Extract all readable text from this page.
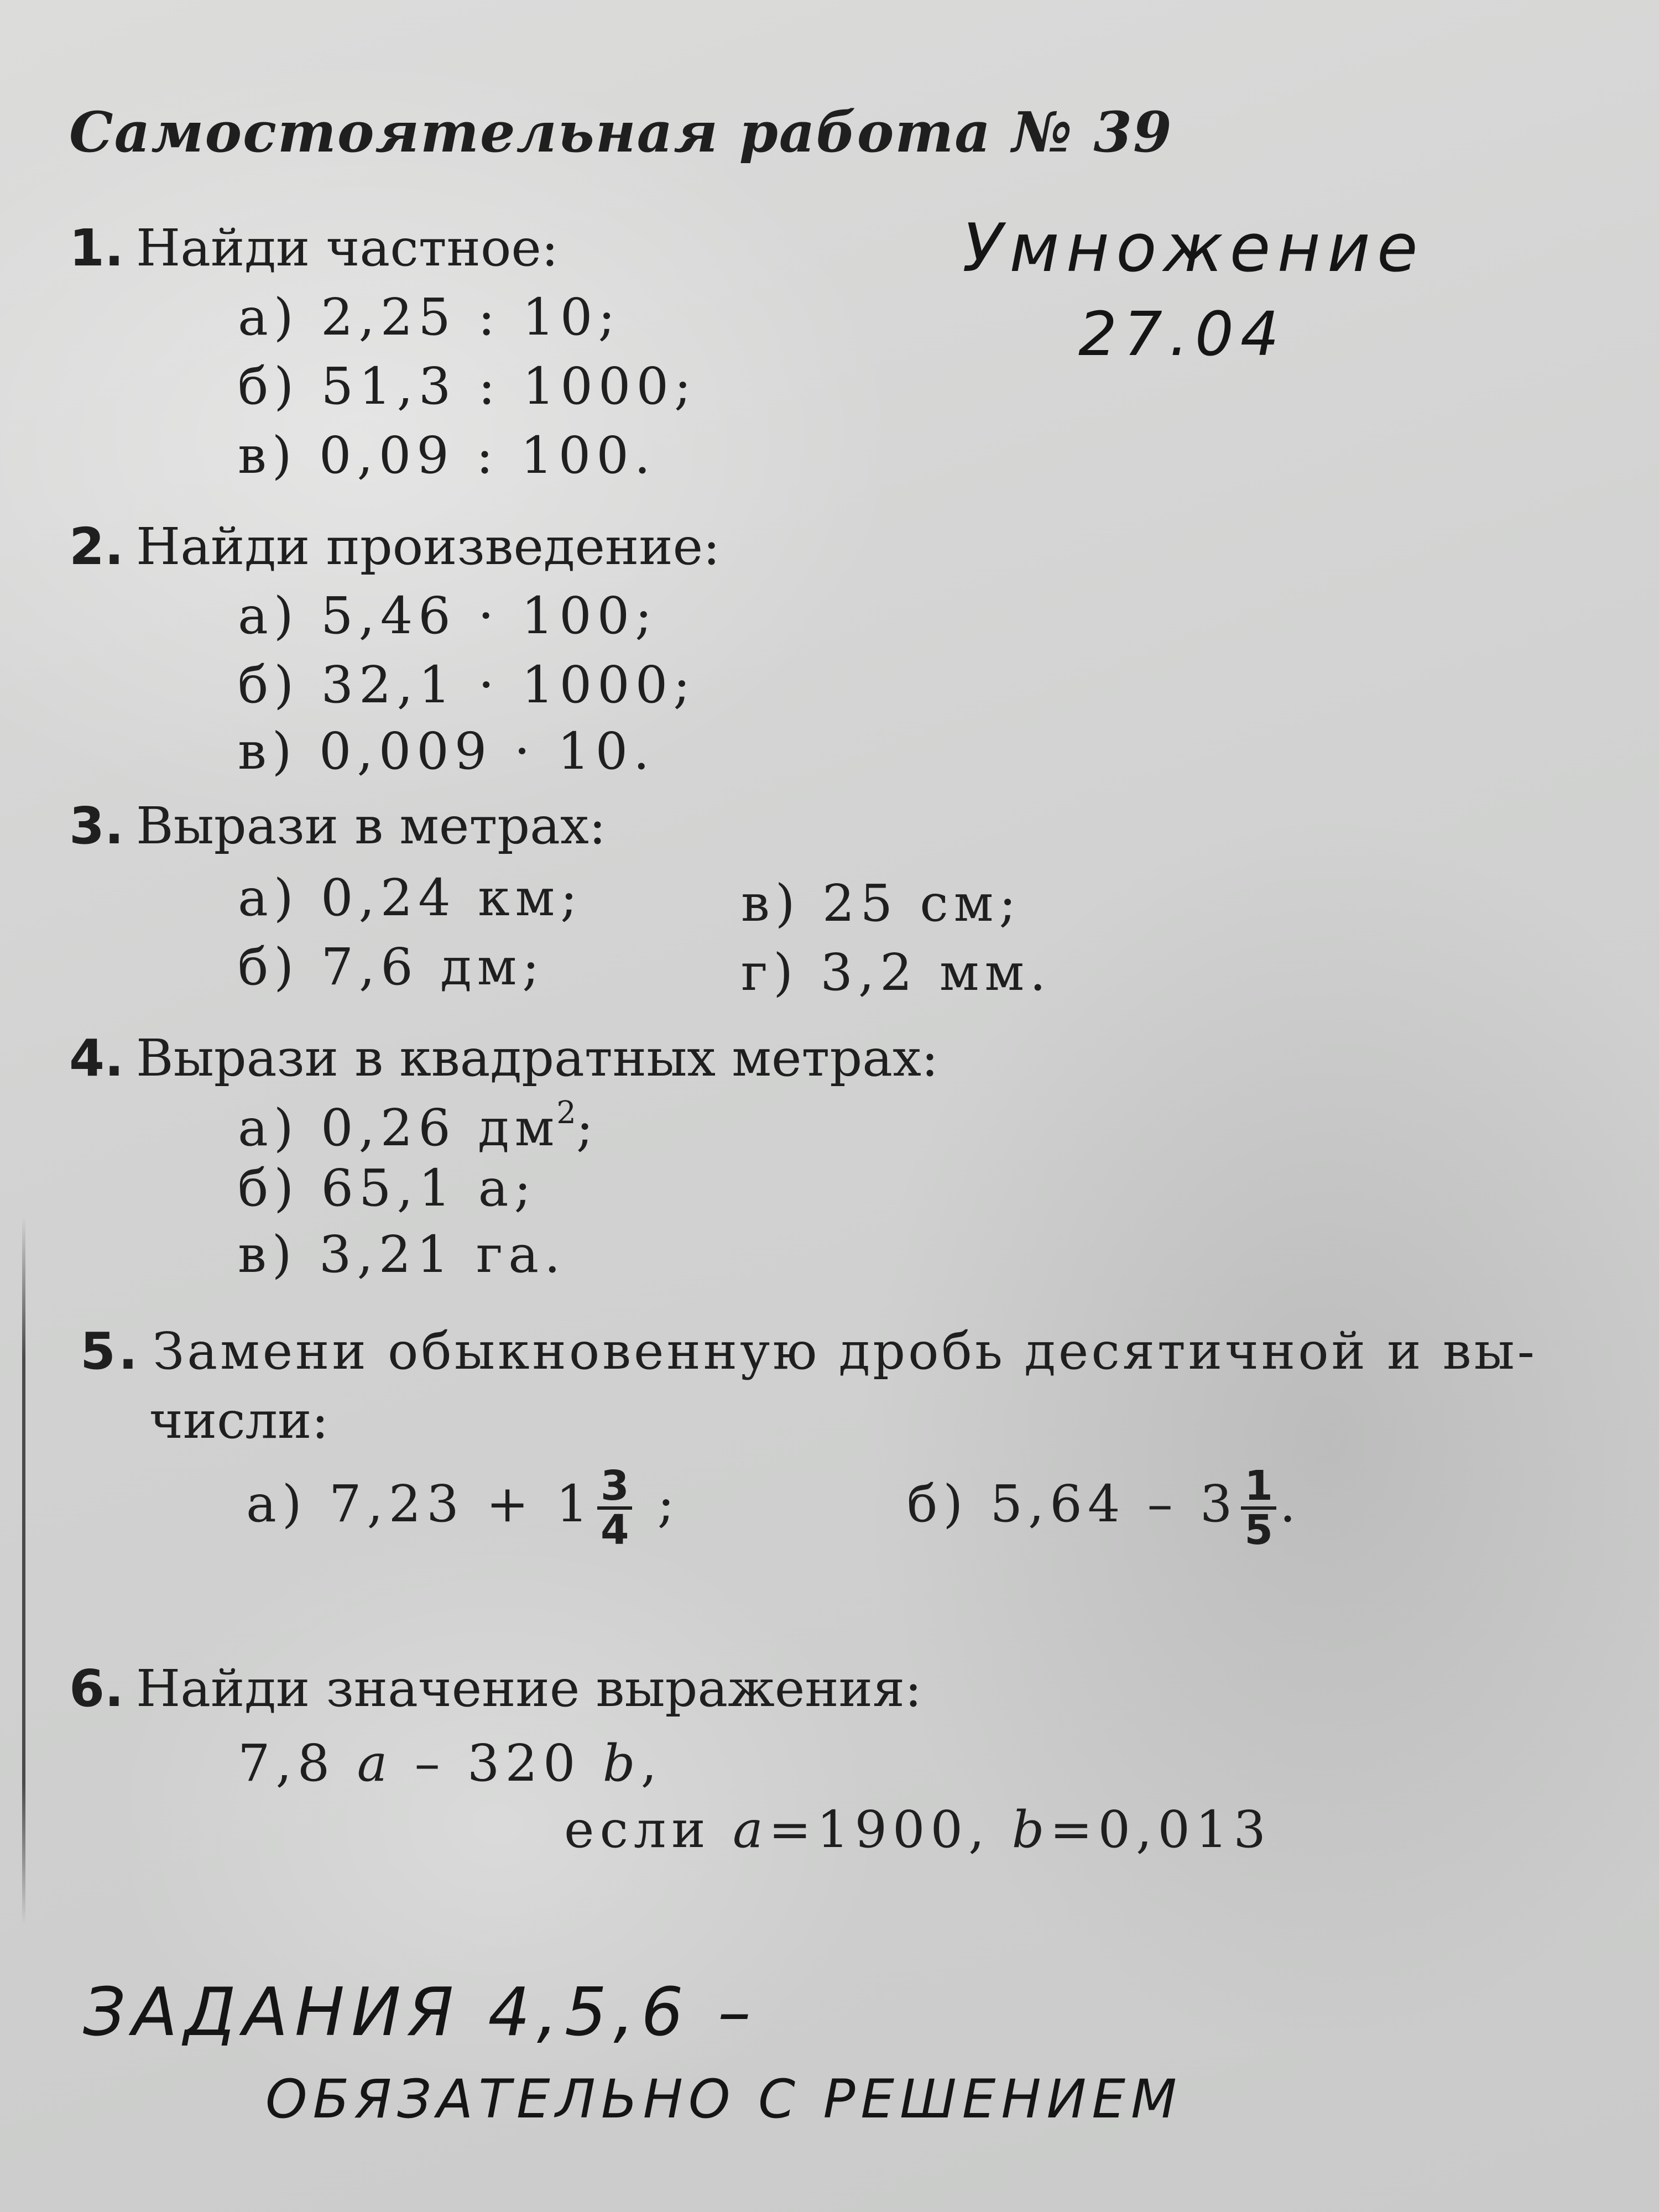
Самостоятельная работа № 39
Умножение
27.04
1. Найди частное:
а) 2,25 : 10;
б) 51,3 : 1000;
в) 0,09 : 100.
2. Найди произведение:
а) 5,46 · 100;
б) 32,1 · 1000;
в) 0,009 · 10.
3. Вырази в метрах:
а) 0,24 км;
б) 7,6 дм;
в) 25 см;
г) 3,2 мм.
4. Вырази в квадратных метрах:
а) 0,26 $дм^2$;
б) 65,1 а;
в) 3,21 га.
5. Замени обыкновенную дробь десятичной и вы-
числи:
а) $7,23 + 1 \frac{3}{4}$ ;	б) $5,64 - 3 \frac{1}{5}$ .
6. Найди значение выражения:
7,8 a – 320 b,
если a=1900, b=0,013
ЗАДАНИЯ 4,5,6 –
ОБЯЗАТЕЛЬНО С РЕШЕНИЕМ
